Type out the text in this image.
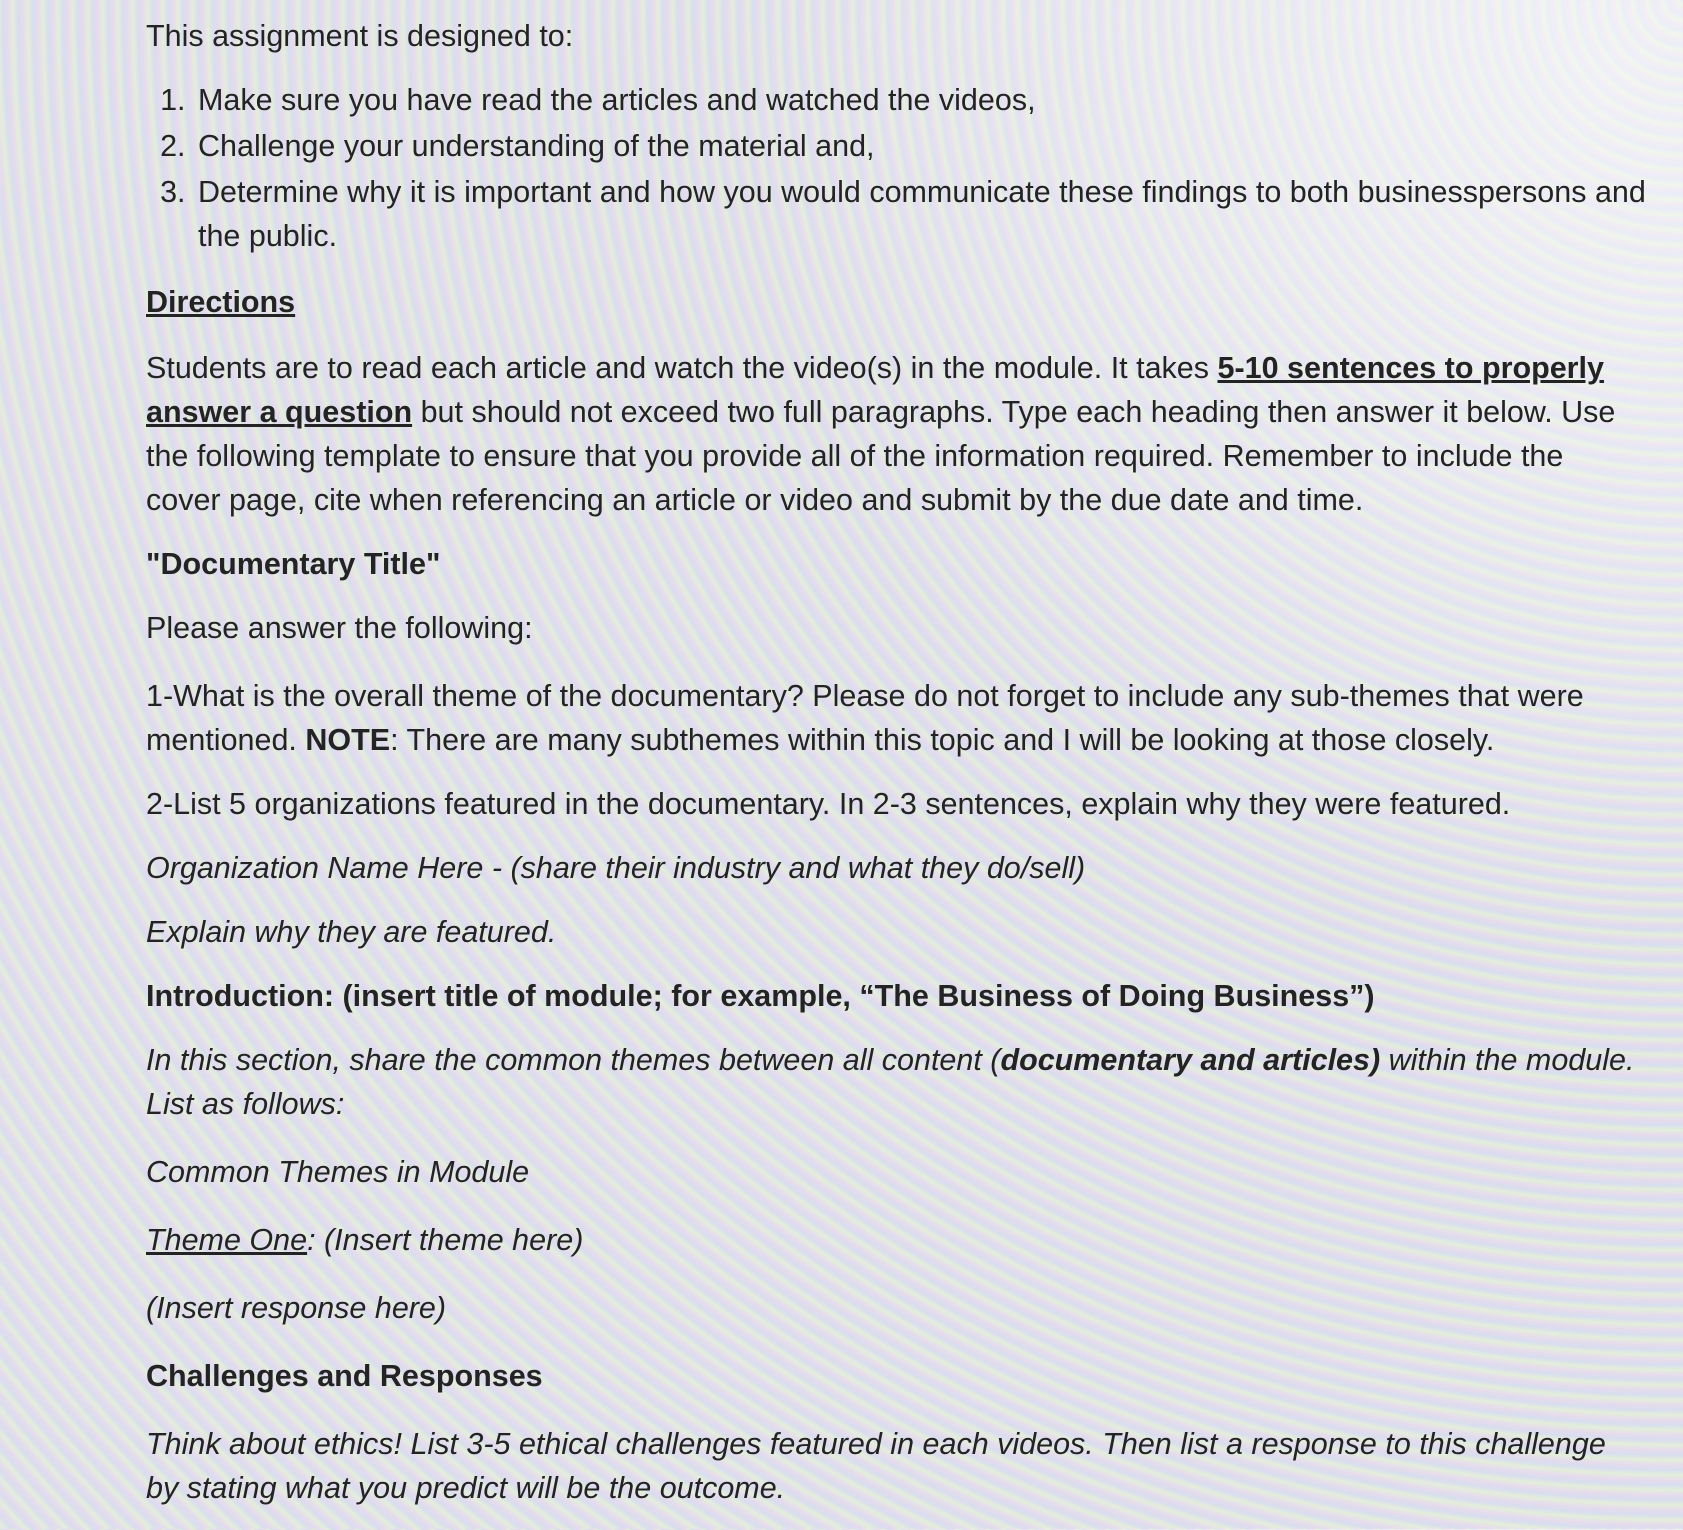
This assignment is designed to:

1. Make sure you have read the articles and watched the videos,
2. Challenge your understanding of the material and,
3. Determine why it is important and how you would communicate these findings to both businesspersons and the public.

Directions

Students are to read each article and watch the video(s) in the module. It takes 5-10 sentences to properly answer a question but should not exceed two full paragraphs. Type each heading then answer it below. Use the following template to ensure that you provide all of the information required. Remember to include the cover page, cite when referencing an article or video and submit by the due date and time.

"Documentary Title"

Please answer the following:

1-What is the overall theme of the documentary? Please do not forget to include any sub-themes that were mentioned. NOTE: There are many subthemes within this topic and I will be looking at those closely.

2-List 5 organizations featured in the documentary. In 2-3 sentences, explain why they were featured.

Organization Name Here - (share their industry and what they do/sell)

Explain why they are featured.

Introduction: (insert title of module; for example, “The Business of Doing Business”)

In this section, share the common themes between all content (documentary and articles) within the module. List as follows:

Common Themes in Module

Theme One: (Insert theme here)

(Insert response here)

Challenges and Responses

Think about ethics! List 3-5 ethical challenges featured in each videos. Then list a response to this challenge by stating what you predict will be the outcome.
